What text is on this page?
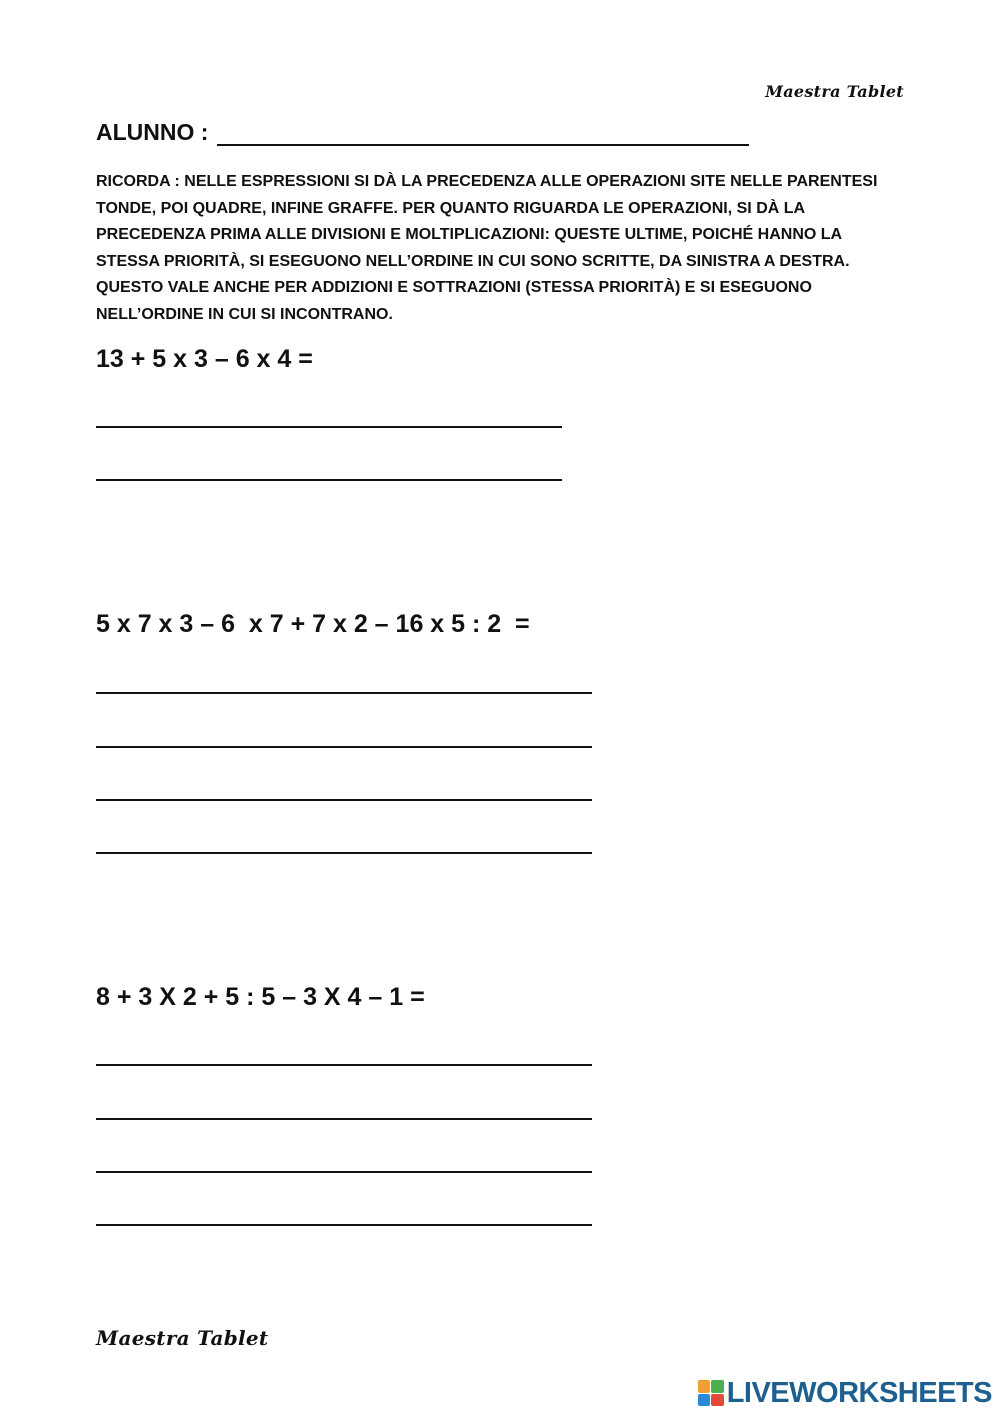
Maestra Tablet
ALUNNO :
RICORDA : NELLE ESPRESSIONI SI DÀ LA PRECEDENZA ALLE OPERAZIONI SITE NELLE PARENTESI TONDE, POI QUADRE, INFINE GRAFFE. PER QUANTO RIGUARDA LE OPERAZIONI, SI DÀ LA PRECEDENZA PRIMA ALLE DIVISIONI E MOLTIPLICAZIONI: QUESTE ULTIME, POICHÉ HANNO LA STESSA PRIORITÀ, SI ESEGUONO NELL’ORDINE IN CUI SONO SCRITTE, DA SINISTRA A DESTRA. QUESTO VALE ANCHE PER ADDIZIONI E SOTTRAZIONI (STESSA PRIORITÀ) E SI ESEGUONO NELL’ORDINE IN CUI SI INCONTRANO.
13 + 5 x 3 – 6 x 4 =
5 x 7 x 3 – 6  x 7 + 7 x 2 – 16 x 5 : 2  =
8 + 3 X 2 + 5 : 5 – 3 X 4 – 1 =
Maestra Tablet
LIVEWORKSHEETS
